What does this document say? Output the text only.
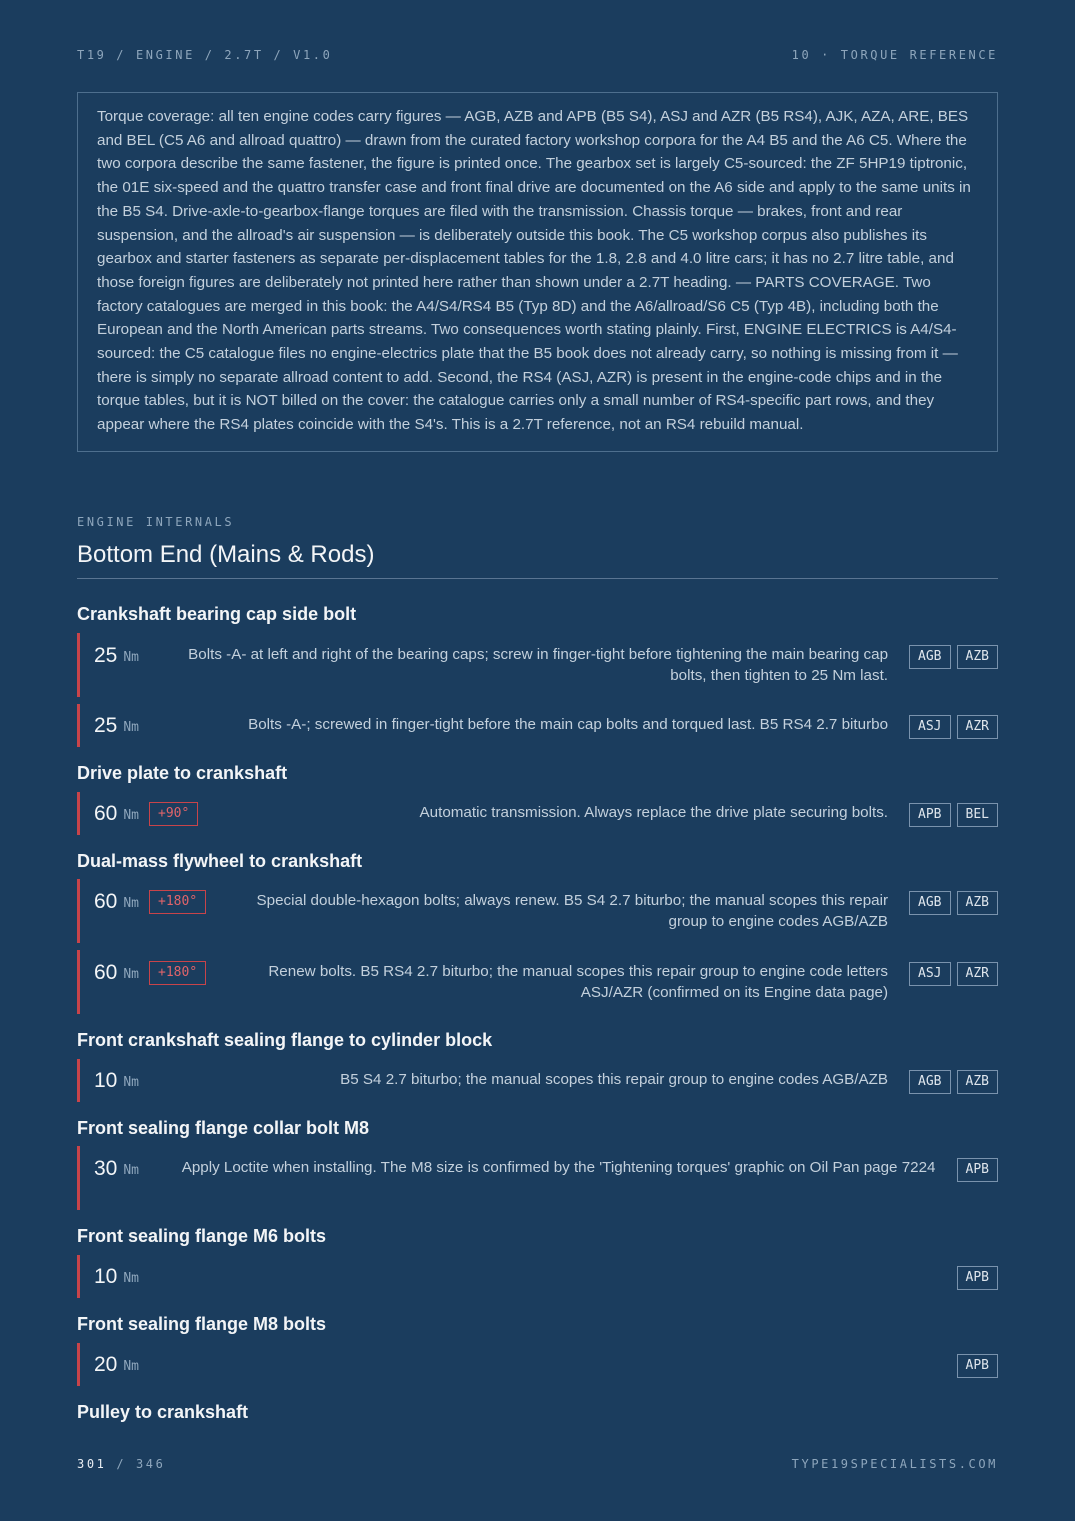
T19 / ENGINE / 2.7T / V1.0	10 · TORQUE REFERENCE
Torque coverage: all ten engine codes carry figures — AGB, AZB and APB (B5 S4), ASJ and AZR (B5 RS4), AJK, AZA, ARE, BES and BEL (C5 A6 and allroad quattro) — drawn from the curated factory workshop corpora for the A4 B5 and the A6 C5. Where the two corpora describe the same fastener, the figure is printed once. The gearbox set is largely C5-sourced: the ZF 5HP19 tiptronic, the 01E six-speed and the quattro transfer case and front final drive are documented on the A6 side and apply to the same units in the B5 S4. Drive-axle-to-gearbox-flange torques are filed with the transmission. Chassis torque — brakes, front and rear suspension, and the allroad's air suspension — is deliberately outside this book. The C5 workshop corpus also publishes its gearbox and starter fasteners as separate per-displacement tables for the 1.8, 2.8 and 4.0 litre cars; it has no 2.7 litre table, and those foreign figures are deliberately not printed here rather than shown under a 2.7T heading. — PARTS COVERAGE. Two factory catalogues are merged in this book: the A4/S4/RS4 B5 (Typ 8D) and the A6/allroad/S6 C5 (Typ 4B), including both the European and the North American parts streams. Two consequences worth stating plainly. First, ENGINE ELECTRICS is A4/S4-sourced: the C5 catalogue files no engine-electrics plate that the B5 book does not already carry, so nothing is missing from it — there is simply no separate allroad content to add. Second, the RS4 (ASJ, AZR) is present in the engine-code chips and in the torque tables, but it is NOT billed on the cover: the catalogue carries only a small number of RS4-specific part rows, and they appear where the RS4 plates coincide with the S4's. This is a 2.7T reference, not an RS4 rebuild manual.
ENGINE INTERNALS
Bottom End (Mains & Rods)
Crankshaft bearing cap side bolt
25 Nm	Bolts -A- at left and right of the bearing caps; screw in finger-tight before tightening the main bearing cap bolts, then tighten to 25 Nm last.
AGB	AZB
25 Nm	Bolts -A-; screwed in finger-tight before the main cap bolts and torqued last. B5 RS4 2.7 biturbo	ASJ	AZR
Drive plate to crankshaft
60 Nm	+90°	Automatic transmission. Always replace the drive plate securing bolts.	APB	BEL
Dual-mass flywheel to crankshaft
60 Nm	+180°	Special double-hexagon bolts; always renew. B5 S4 2.7 biturbo; the manual scopes this repair group to engine codes AGB/AZB
AGB	AZB
60 Nm	+180°	Renew bolts. B5 RS4 2.7 biturbo; the manual scopes this repair group to engine code letters ASJ/AZR (confirmed on its Engine data page)
ASJ	AZR
Front crankshaft sealing flange to cylinder block
10 Nm	B5 S4 2.7 biturbo; the manual scopes this repair group to engine codes AGB/AZB	AGB	AZB
Front sealing flange collar bolt M8
30 Nm	Apply Loctite when installing. The M8 size is confirmed by the 'Tightening torques' graphic on Oil Pan page 7224	APB
Front sealing flange M6 bolts
10 Nm	APB
Front sealing flange M8 bolts
20 Nm	APB
Pulley to crankshaft
301 / 346	TYPE19SPECIALISTS.COM
